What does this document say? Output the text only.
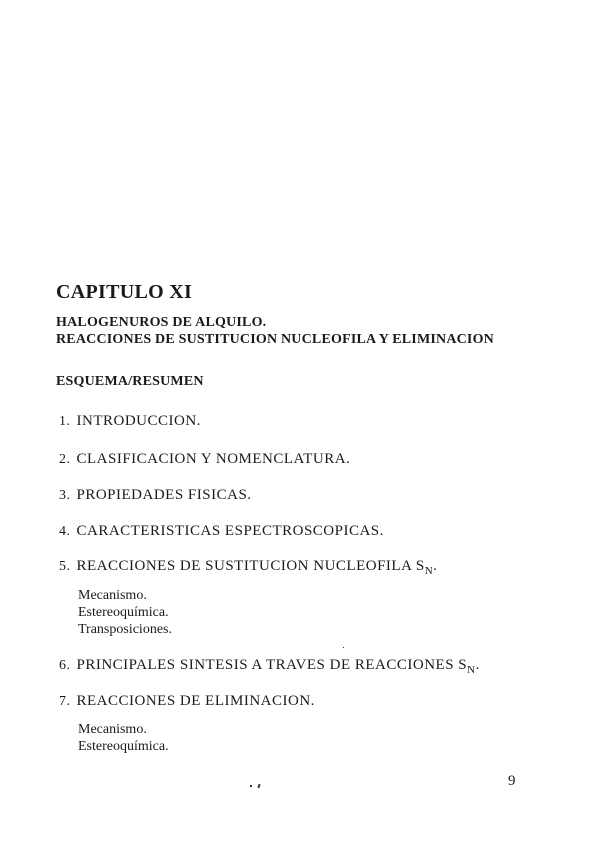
CAPITULO XI

HALOGENUROS DE ALQUILO.

REACCIONES DE SUSTITUCION NUCLEOFILA Y ELIMINACION

ESQUEMA/RESUMEN
1. INTRODUCCION.
2. CLASIFICACION Y NOMENCLATURA.
3. PROPIEDADES FISICAS.
4. CARACTERISTICAS ESPECTROSCOPICAS.
5. REACCIONES DE SUSTITUCION NUCLEOFILA $S_N$.
Mecanismo.
Estereoquímica.
Transposiciones.
6. PRINCIPALES SINTESIS A TRAVES DE REACCIONES $S_N$.
7. REACCIONES DE ELIMINACION.
Mecanismo.
Estereoquímica.
9
